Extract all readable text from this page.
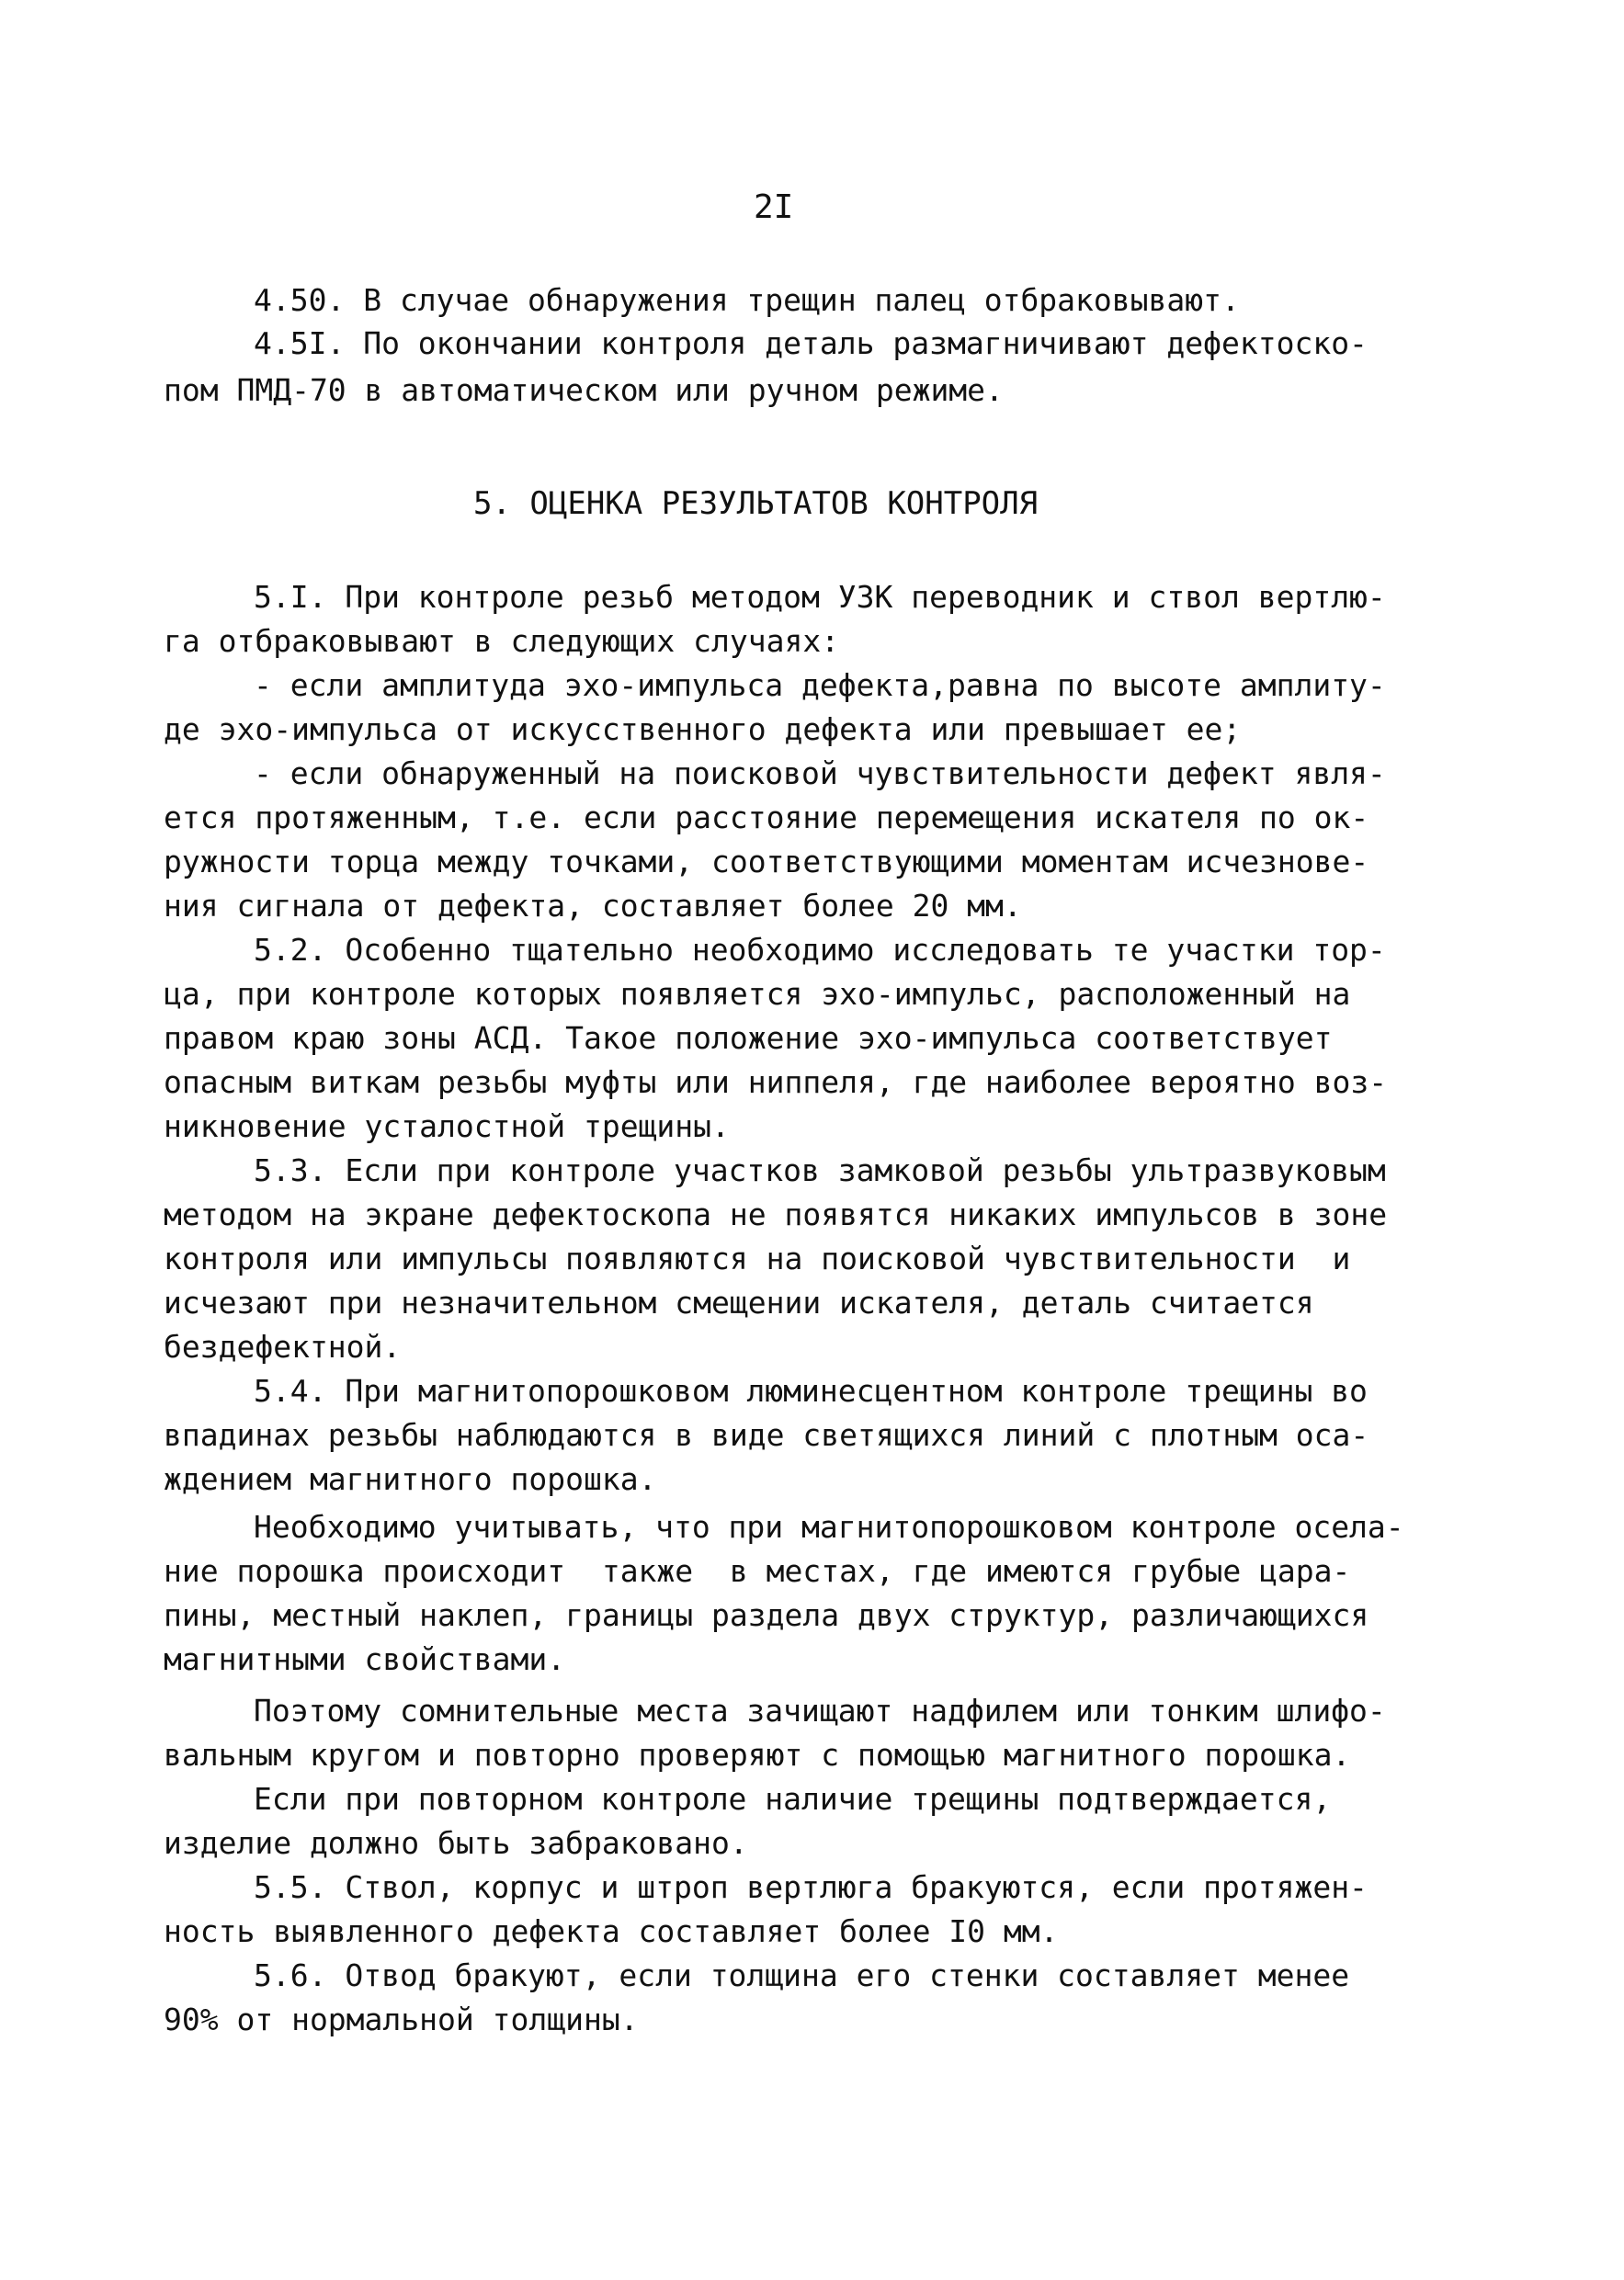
2I
4.50. В случае обнаружения трещин палец отбраковывают.
4.5I. По окончании контроля деталь размагничивают дефектоско-
пом ПМД-70 в автоматическом или ручном режиме.
5. ОЦЕНКА РЕЗУЛЬТАТОВ КОНТРОЛЯ
5.I. При контроле резьб методом УЗК переводник и ствол вертлю-
га отбраковывают в следующих случаях:
- если амплитуда эхо-импульса дефекта,равна по высоте амплиту-
де эхо-импульса от искусственного дефекта или превышает ее;
- если обнаруженный на поисковой чувствительности дефект явля-
ется протяженным, т.е. если расстояние перемещения искателя по ок-
ружности торца между точками, соответствующими моментам исчезнове-
ния сигнала от дефекта, составляет более 20 мм.
5.2. Особенно тщательно необходимо исследовать те участки тор-
ца, при контроле которых появляется эхо-импульс, расположенный на
правом краю зоны АСД. Такое положение эхо-импульса соответствует
опасным виткам резьбы муфты или ниппеля, где наиболее вероятно воз-
никновение усталостной трещины.
5.3. Если при контроле участков замковой резьбы ультразвуковым
методом на экране дефектоскопа не появятся никаких импульсов в зоне
контроля или импульсы появляются на поисковой чувствительности  и
исчезают при незначительном смещении искателя, деталь считается
бездефектной.
5.4. При магнитопорошковом люминесцентном контроле трещины во
впадинах резьбы наблюдаются в виде светящихся линий с плотным оса-
ждением магнитного порошка.
Необходимо учитывать, что при магнитопорошковом контроле осела-
ние порошка происходит  также  в местах, где имеются грубые цара-
пины, местный наклеп, границы раздела двух структур, различающихся
магнитными свойствами.
Поэтому сомнительные места зачищают надфилем или тонким шлифо-
вальным кругом и повторно проверяют с помощью магнитного порошка.
Если при повторном контроле наличие трещины подтверждается,
изделие должно быть забраковано.
5.5. Ствол, корпус и штроп вертлюга бракуются, если протяжен-
ность выявленного дефекта составляет более I0 мм.
5.6. Отвод бракуют, если толщина его стенки составляет менее
90% от нормальной толщины.
